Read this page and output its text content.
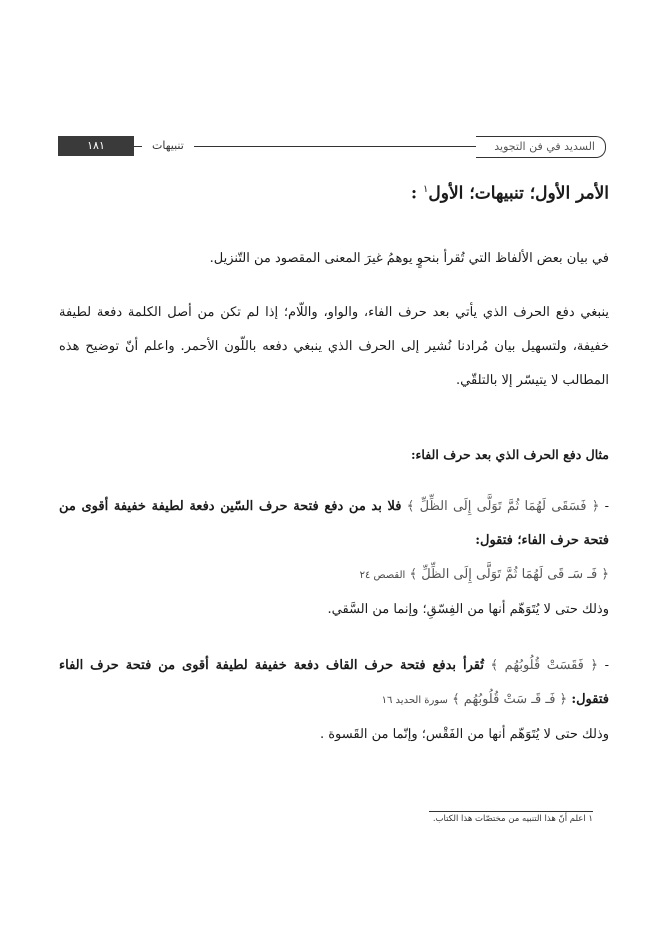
السديد في فن التجويد
تنبيهات
١٨١
الأمر الأول؛ تنبيهات؛ الأول$^١$ :

في بيان بعض الألفاظ التي تُقرأ بنحوٍ يوهمُ غيرَ المعنى المقصود من التّنزيل.

ينبغي دفع الحرف الذي يأتي بعد حرف الفاء، والواو، واللّام؛ إذا لم تكن من أصل الكلمة دفعة لطيفة خفيفة، ولتسهيل بيان مُرادنا نُشير إلى الحرف الذي ينبغي دفعه باللّون الأحمر. واعلم أنّ توضيح هذه المطالب لا يتيسّر إلا بالتلقّي.

مثال دفع الحرف الذي بعد حرف الفاء:

- ﴿ فَسَقَى لَهُمَا ثُمَّ تَوَلَّى إِلَى الظِّلِّ ﴾ فلا بد من دفع فتحة حرف السّين دفعة لطيفة خفيفة أقوى من فتحة حرف الفاء؛ فتقول:

﴿ فَـ سَـ قَى لَهُمَا ثُمَّ تَوَلَّى إِلَى الظِّلِّ ﴾ القصص ٢٤

وذلك حتى لا يُتَوَهّم أنها من الفِسّقِ؛ وإنما من السَّقي.

- ﴿ فَقَسَتْ قُلُوبُهُم ﴾ تُقرأ بدفع فتحة حرف القاف دفعة خفيفة لطيفة أقوى من فتحة حرف الفاء فتقول: ﴿ فَـ قَـ سَتْ قُلُوبُهُم ﴾ سورة الحديد ١٦

وذلك حتى لا يُتَوَهّم أنها من الفَقْس؛ وإنّما من القَسوة .

١ اعلم أنّ هذا التنبيه من مختصّات هذا الكتاب.
